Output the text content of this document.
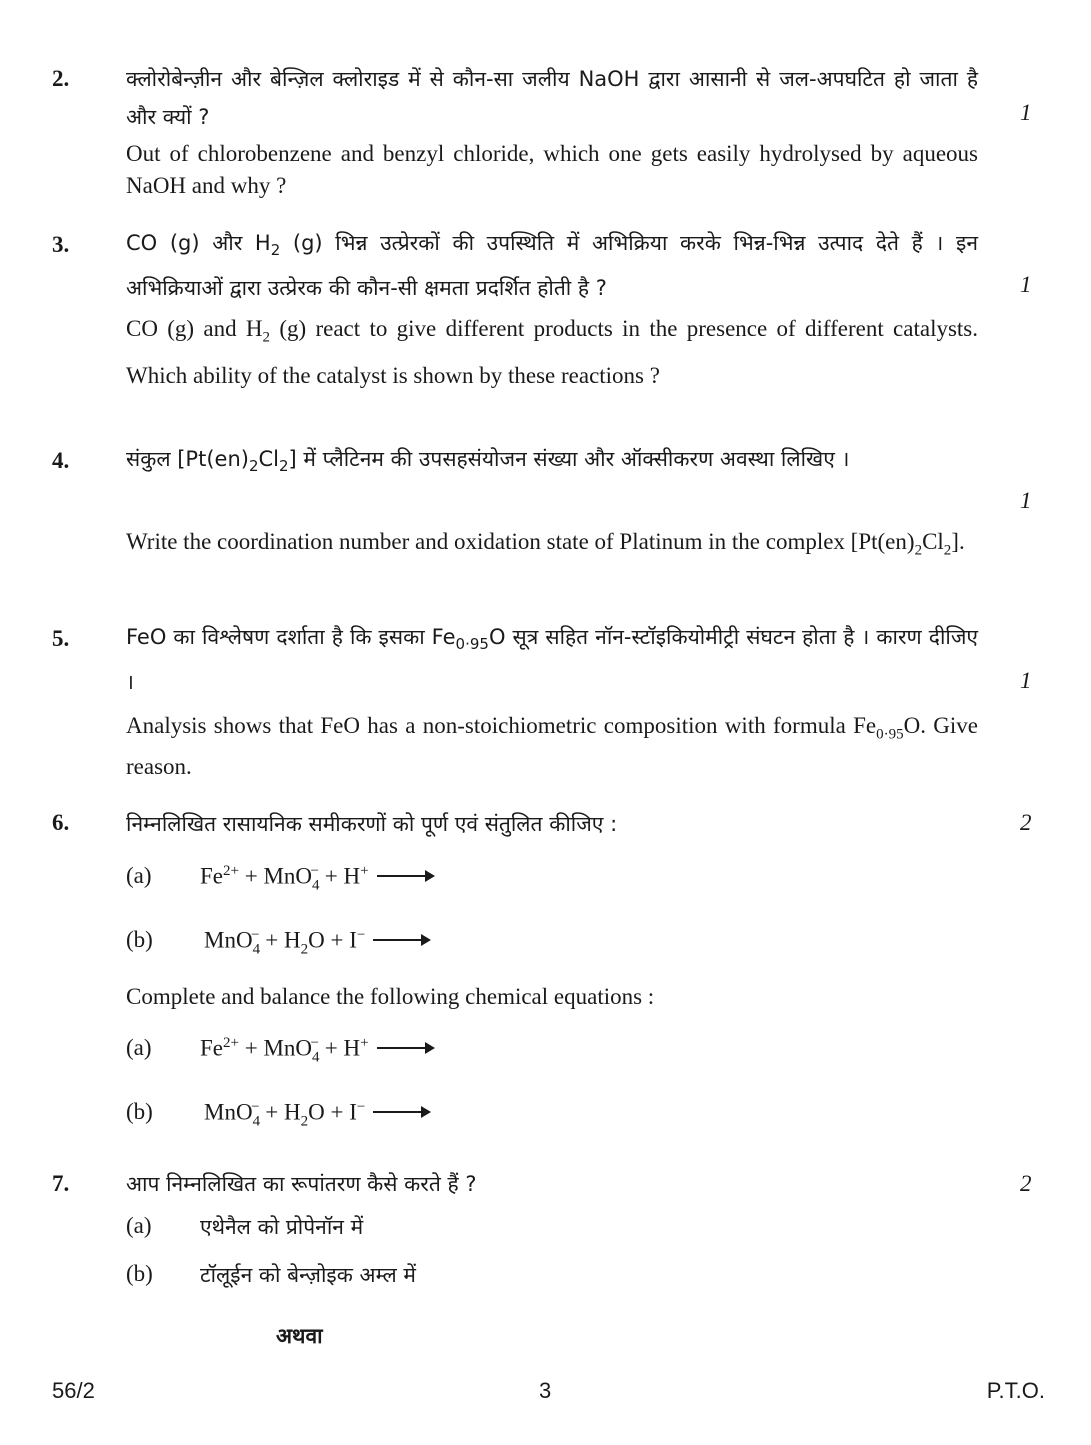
2.	क्लोरोबेन्ज़ीन और बेन्ज़िल क्लोराइड में से कौन-सा जलीय NaOH द्वारा आसानी से जल-अपघटित हो जाता है और क्यों ?	1
Out of chlorobenzene and benzyl chloride, which one gets easily hydrolysed by aqueous NaOH and why ?
3.	CO (g) और $H_2$ (g) भिन्न उत्प्रेरकों की उपस्थिति में अभिक्रिया करके भिन्न-भिन्न उत्पाद देते हैं । इन अभिक्रियाओं द्वारा उत्प्रेरक की कौन-सी क्षमता प्रदर्शित होती है ?	1
CO (g) and $H_2$ (g) react to give different products in the presence of different catalysts. Which ability of the catalyst is shown by these reactions ?
4.	संकुल $[Pt(en)_2Cl_2]$ में प्लैटिनम की उपसहसंयोजन संख्या और ऑक्सीकरण अवस्था लिखिए ।
1
Write the coordination number and oxidation state of Platinum in the complex $[Pt(en)_2Cl_2]$.
5.	FeO का विश्लेषण दर्शाता है कि इसका $Fe_{0\cdot 95}O$ सूत्र सहित नॉन-स्टॉइकियोमीट्री संघटन होता है । कारण दीजिए ।	1
Analysis shows that FeO has a non-stoichiometric composition with formula $Fe_{0\cdot 95}O$. Give reason.
6.	निम्नलिखित रासायनिक समीकरणों को पूर्ण एवं संतुलित कीजिए :	2
(a) $Fe^{2+} + MnO_4^- + H^+$
(b) $MnO_4^- + H_2O + I^-$
Complete and balance the following chemical equations :
(a) $Fe^{2+} + MnO_4^- + H^+$
(b) $MnO_4^- + H_2O + I^-$
7.	आप निम्नलिखित का रूपांतरण कैसे करते हैं ?	2
(a) एथेनैल को प्रोपेनॉन में
(b) टॉलूईन को बेन्ज़ोइक अम्ल में
अथवा
56/2	3	P.T.O.
